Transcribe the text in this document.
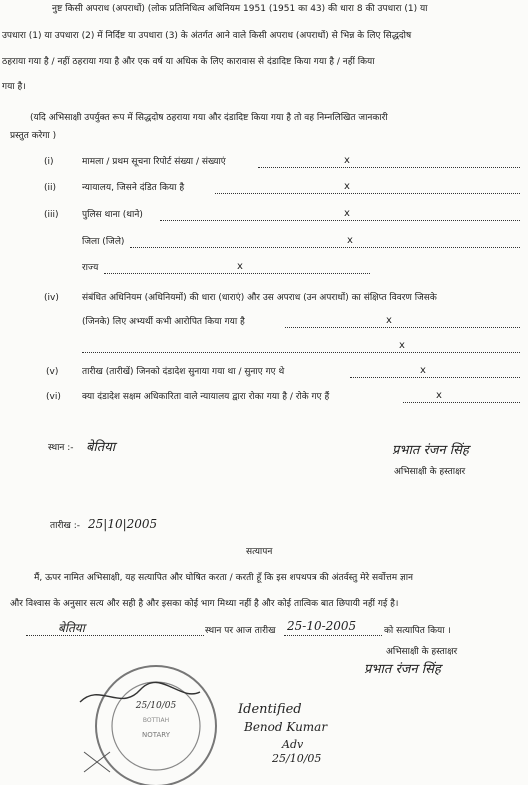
नुष्ट किसी अपराध (अपराधों) (लोक प्रतिनिधित्व अधिनियम 1951 (1951 का 43) की धारा 8 की उपधारा (1) या
उपधारा (1) या उपधारा (2) में निर्दिष्ट या उपधारा (3) के अंतर्गत आने वाले किसी अपराध (अपराधों) से भिन्न के लिए सिद्धदोष
ठहराया गया है / नहीं ठहराया गया है और एक वर्ष या अधिक के लिए कारावास से दंडादिष्ट किया गया है / नहीं किया
गया है।
(यदि अभिसाक्षी उपर्युक्त रूप में सिद्धदोष ठहराया गया और दंडादिष्ट किया गया है तो वह निम्नलिखित जानकारी
प्रस्तुत करेगा )
(i)	मामला / प्रथम सूचना रिपोर्ट संख्या / संख्याएं	x
(ii)	न्यायालय, जिसने दंडित किया है	x
(iii)	पुलिस थाना (थाने)	x
जिला (जिले)	x
राज्य	x
(iv)	संबंधित अधिनियम (अधिनियमों) की धारा (धाराएं) और उस अपराध (उन अपराधों) का संक्षिप्त विवरण जिसके
(जिनके) लिए अभ्यर्थी कभी आरोपित किया गया है	x
x
(v)	तारीख (तारीखें) जिनको दंडादेश सुनाया गया था / सुनाए गए थे	x
(vi) क्या दंडादेश सक्षम अधिकारिता वाले न्यायालय द्वारा रोका गया है / रोके गए हैं	x
स्थान :- बेतिया	प्रभात रंजन सिंह
अभिसाक्षी के हस्ताक्षर
तारीख :- 25|10|2005
सत्यापन
मैं, ऊपर नामित अभिसाक्षी, यह सत्यापित और घोषित करता / करती हूँ कि इस शपथपत्र की अंतर्वस्तु मेरे सर्वोत्तम ज्ञान
और विश्वास के अनुसार सत्य और सही है और इसका कोई भाग मिथ्या नहीं है और कोई तात्विक बात छिपायी नहीं गई है।
बेतिया	स्थान पर आज तारीख 25-10-2005	को सत्यापित किया ।
अभिसाक्षी के हस्ताक्षर
प्रभात रंजन सिंह
NOTARY
BOTTIAH
25/10/05	Identified
Benod Kumar
Adv
25/10/05
